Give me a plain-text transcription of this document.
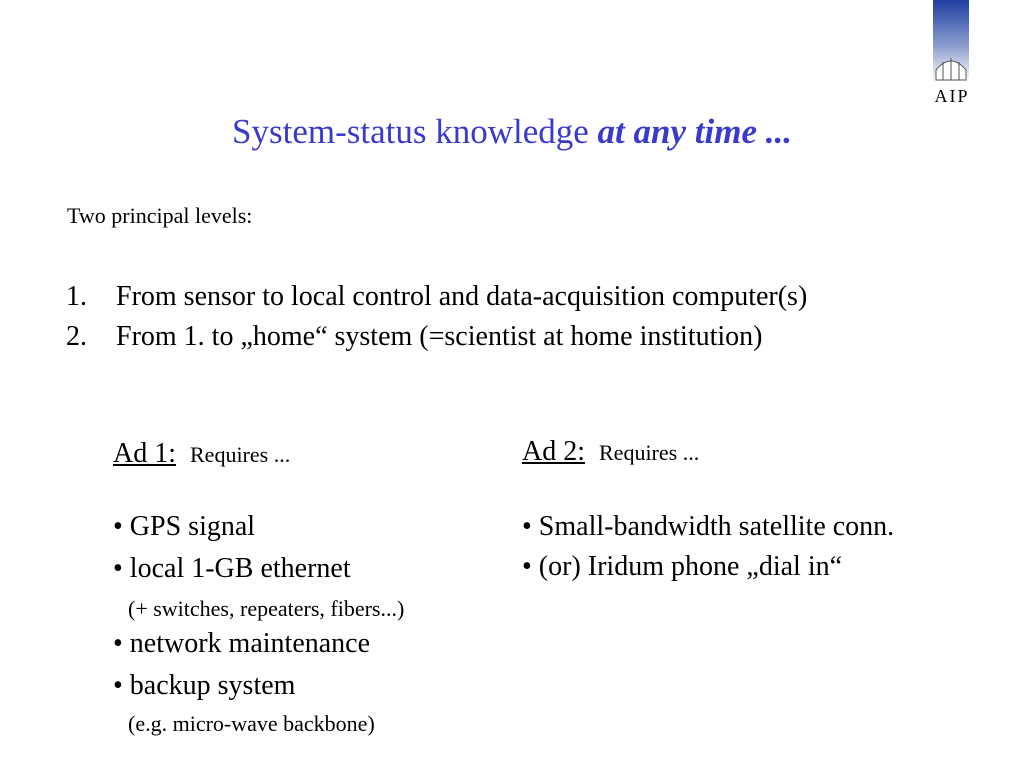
AIP
System-status knowledge at any time ...
Two principal levels:
1. From sensor to local control and data-acquisition computer(s)
2. From 1. to „home“ system (=scientist at home institution)
Ad 1: Requires ...
• GPS signal
• local 1-GB ethernet
(+ switches, repeaters, fibers...)
• network maintenance
• backup system
(e.g. micro-wave backbone)
Ad 2: Requires ...
• Small-bandwidth satellite conn.
• (or) Iridum phone „dial in“
